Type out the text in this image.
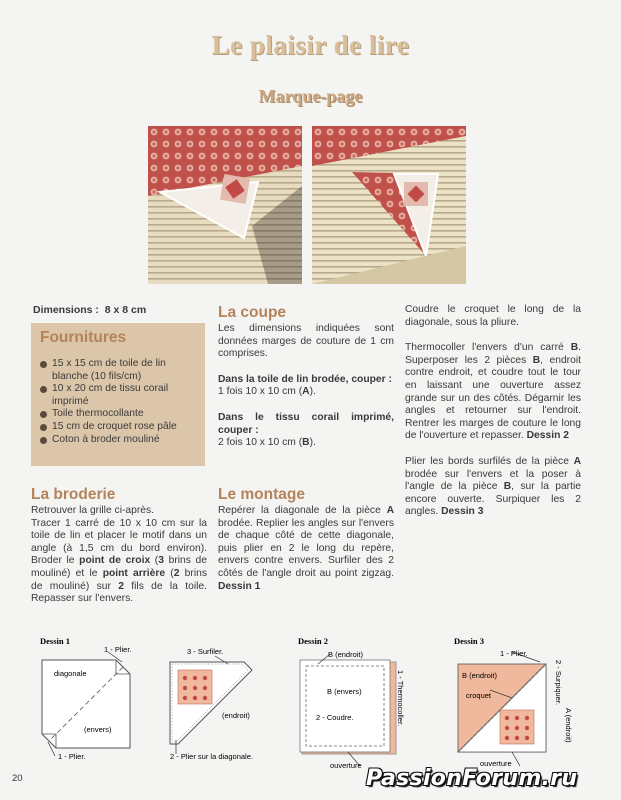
Le plaisir de lire
Marque-page
Dimensions : 8 x 8 cm
Fournitures
15 x 15 cm de toile de lin blanche (10 fils/cm)
10 x 20 cm de tissu corail imprimé
Toile thermocollante
15 cm de croquet rose pâle
Coton à broder mouliné
La broderie

Retrouver la grille ci-après.

Tracer 1 carré de 10 x 10 cm sur la toile de lin et placer le motif dans un angle (à 1,5 cm du bord environ). Broder le point de croix (3 brins de mouliné) et le point arrière (2 brins de mouliné) sur 2 fils de la toile. Repasser sur l'envers.

La coupe

Les dimensions indiquées sont données marges de couture de 1 cm comprises.

Dans la toile de lin brodée, couper :

1 fois 10 x 10 cm (A).

Dans le tissu corail imprimé, couper :

2 fois 10 x 10 cm (B).

Le montage

Repérer la diagonale de la pièce A brodée. Replier les angles sur l'envers de chaque côté de cette diagonale, puis plier en 2 le long du repère, envers contre envers. Surfiler des 2 côtés de l'angle droit au point zigzag. Dessin 1

Coudre le croquet le long de la diagonale, sous la pliure.

Thermocoller l'envers d'un carré B. Superposer les 2 pièces B, endroit contre endroit, et coudre tout le tour en laissant une ouverture assez grande sur un des côtés. Dégarnir les angles et retourner sur l'endroit. Rentrer les marges de couture le long de l'ouverture et repasser. Dessin 2

Plier les bords surfilés de la pièce A brodée sur l'envers et la poser à l'angle de la pièce B, sur la partie encore ouverte. Surpiquer les 2 angles. Dessin 3

Dessin 1
1 - Plier.
diagonale
(envers)
1 - Plier.
3 - Surfiler.
(endroit)
2 - Plier sur la diagonale.
Dessin 2
B (endroit)
B (envers)
2 - Coudre.	1 - Thermocoller.
ouverture
Dessin 3
1 - Plier.
B (endroit)
croquet	2 - Surpiquer.
A (endroit)
ouverture
20	PassionForum.ru
